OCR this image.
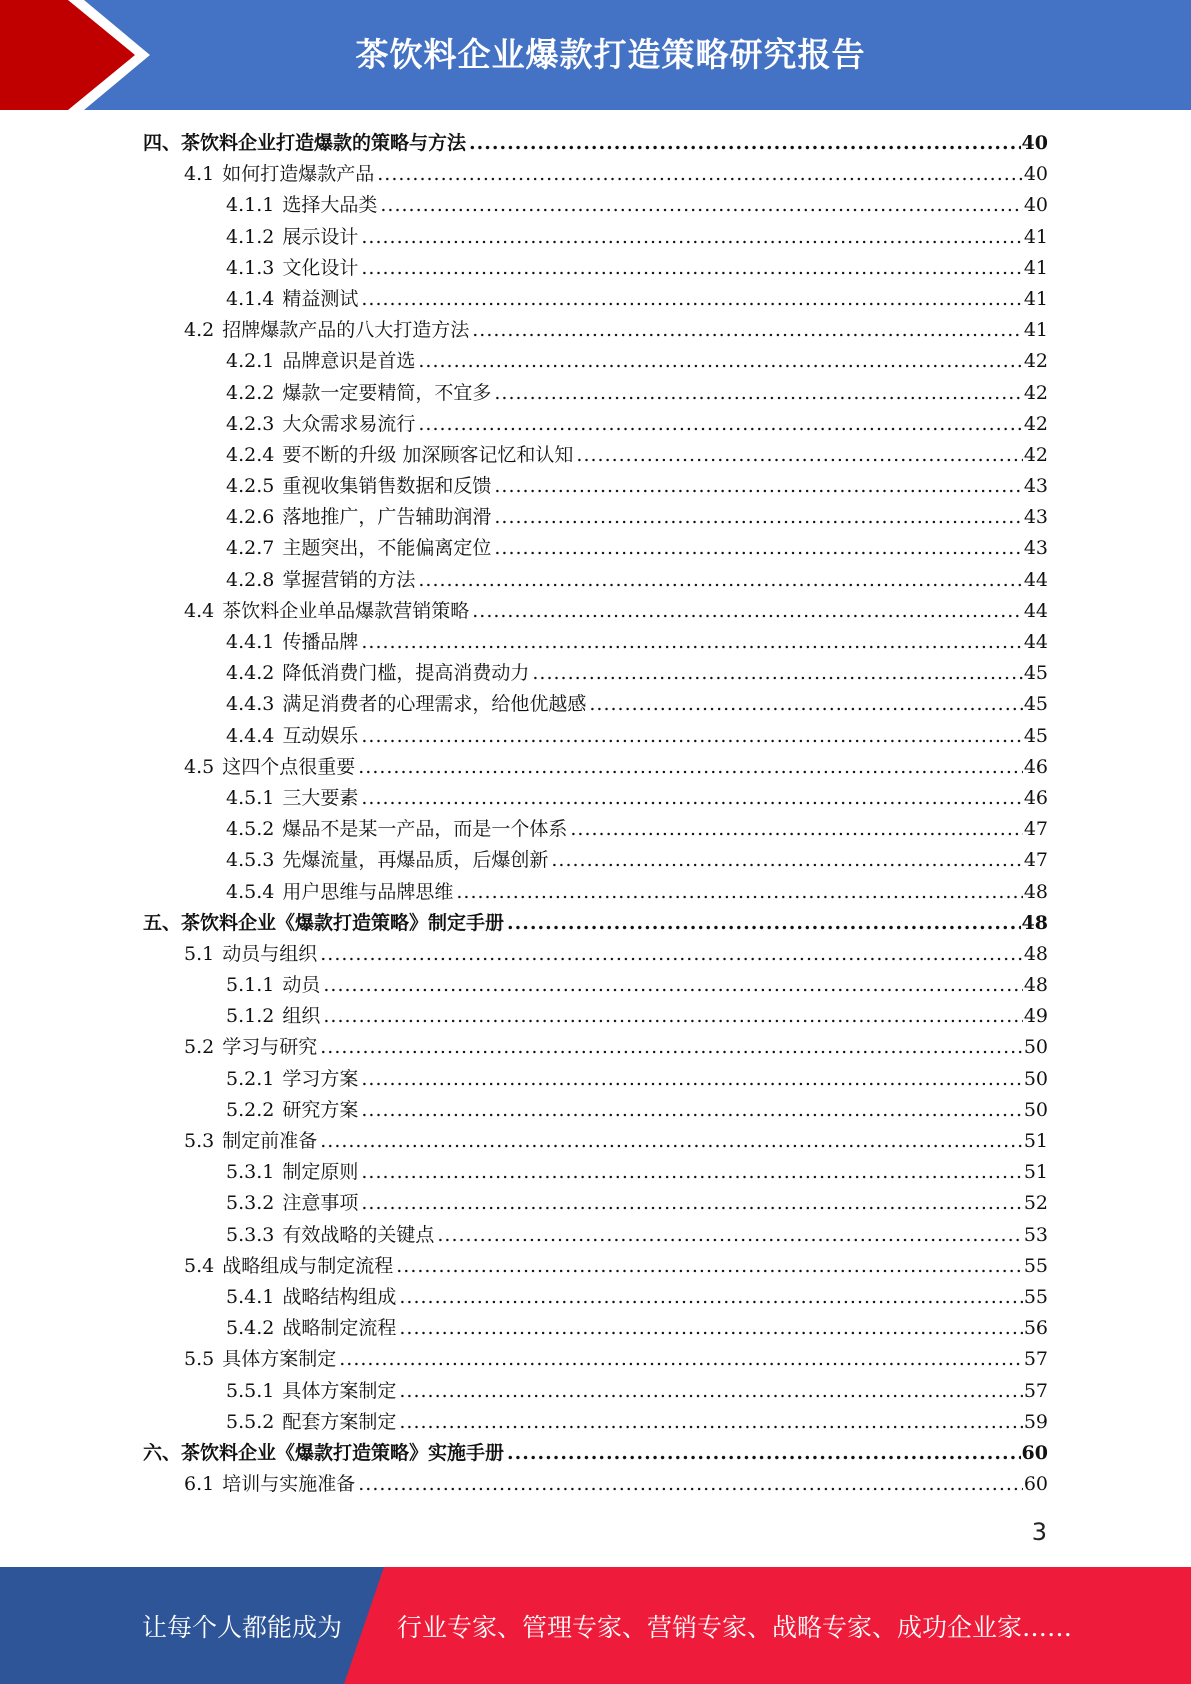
茶饮料企业爆款打造策略研究报告
四、茶饮料企业打造爆款的策略与方法 .....	40
4.1 如何打造爆款产品 .....	40
4.1.1 选择大品类 .....	40
4.1.2 展示设计 .....	41
4.1.3 文化设计 .....	41
4.1.4 精益测试 .....	41
4.2 招牌爆款产品的八大打造方法 .....	41
4.2.1 品牌意识是首选 .....	42
4.2.2 爆款一定要精简，不宜多 .....	42
4.2.3 大众需求易流行 .....	42
4.2.4 要不断的升级 加深顾客记忆和认知 .....	42
4.2.5 重视收集销售数据和反馈 .....	43
4.2.6 落地推广，广告辅助润滑 .....	43
4.2.7 主题突出，不能偏离定位 .....	43
4.2.8 掌握营销的方法 .....	44
4.4 茶饮料企业单品爆款营销策略 .....	44
4.4.1 传播品牌 .....	44
4.4.2 降低消费门槛，提高消费动力 .....	45
4.4.3 满足消费者的心理需求，给他优越感 .....	45
4.4.4 互动娱乐 .....	45
4.5 这四个点很重要 .....	46
4.5.1 三大要素 .....	46
4.5.2 爆品不是某一产品，而是一个体系 .....	47
4.5.3 先爆流量，再爆品质，后爆创新 .....	47
4.5.4 用户思维与品牌思维 .....	48
五、茶饮料企业《爆款打造策略》制定手册 .....	48
5.1 动员与组织 .....	48
5.1.1 动员 .....	48
5.1.2 组织 .....	49
5.2 学习与研究 .....	50
5.2.1 学习方案 .....	50
5.2.2 研究方案 .....	50
5.3 制定前准备 .....	51
5.3.1 制定原则 .....	51
5.3.2 注意事项 .....	52
5.3.3 有效战略的关键点 .....	53
5.4 战略组成与制定流程 .....	55
5.4.1 战略结构组成 .....	55
5.4.2 战略制定流程 .....	56
5.5 具体方案制定 .....	57
5.5.1 具体方案制定 .....	57
5.5.2 配套方案制定 .....	59
六、茶饮料企业《爆款打造策略》实施手册 .....	60
6.1 培训与实施准备 .....	60
3
让每个人都能成为 行业专家、管理专家、营销专家、战略专家、成功企业家……
